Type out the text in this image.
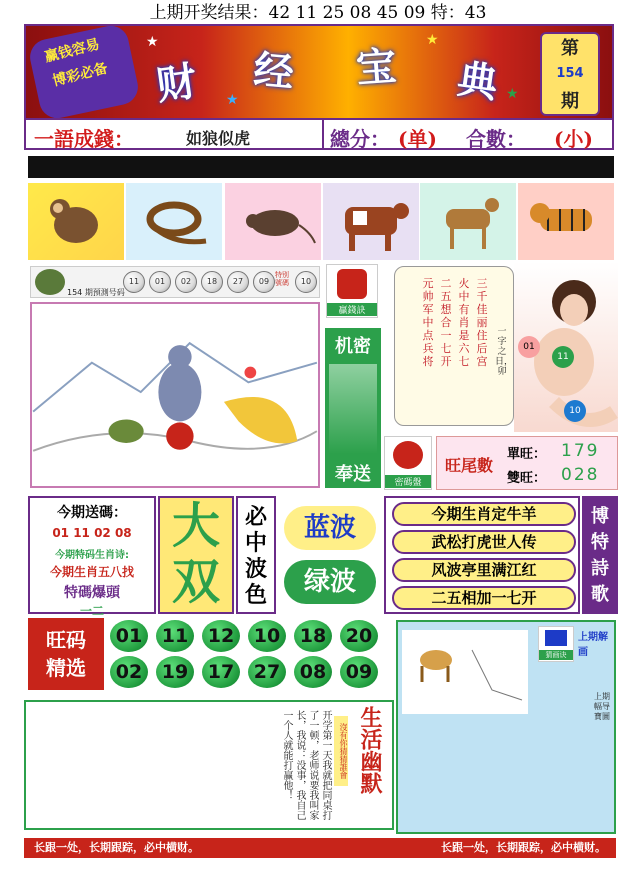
上期开奖结果：42 11 25 08 45 09 特：43
赢钱容易
博彩必备 财 经 宝 典
★
★
★
★
第
154
期
一語成錢：	如狼似虎	總分： (单) 合數： (小)
154 期預測号码
11	01	02	18	27	09
特别號碼	10
贏錢訣
机密
奉送
三千佳丽住后宫
火中有肖是六七
二五想合一七开
元帅军中点兵将
一字之日，卯
01
11
10
密碼盤
旺尾數
單旺： 179
雙旺： 028
今期送碼：
01 11 02 08
今期特码生肖诗:
今期生肖五八找
特碼爆頭
一二
大
双
必中波色
蓝波
绿波
今期生肖定牛羊
武松打虎世人传
风波亭里满江红
二五相加一七开
博特詩歌
旺码
精选
01	11	12	10	18	20
02	19	17	27	08	09
开学第一天我就把同桌打了一顿，老师说要我叫家长，我说：没事，我自己一个人就能打赢他！	沒有你猜猜誰會 生活幽默
猜画诀
上期解画
上期幅导寶圖
长跟一处，长期跟踪，必中横财。	长跟一处，长期跟踪，必中横财。
